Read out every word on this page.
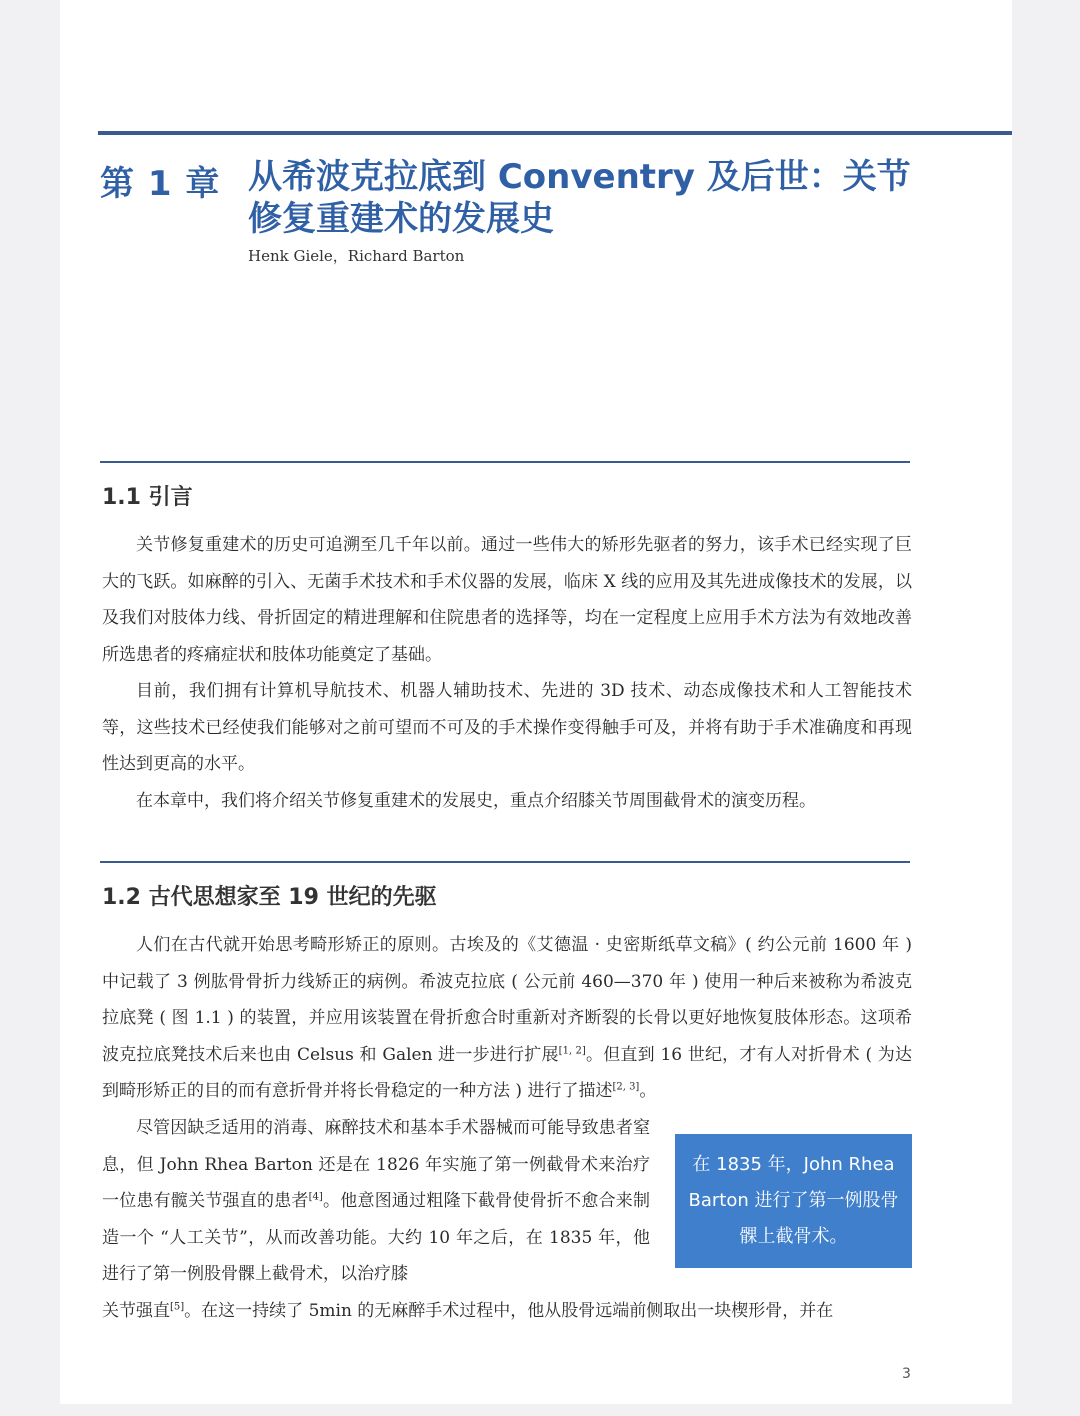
第 1 章 从希波克拉底到 Conventry 及后世：关节
修复重建术的发展史
Henk Giele，Richard Barton
1.1 引言

关节修复重建术的历史可追溯至几千年以前。通过一些伟大的矫形先驱者的努力，该手术已经实现了巨大的飞跃。如麻醉的引入、无菌手术技术和手术仪器的发展，临床 X 线的应用及其先进成像技术的发展，以及我们对肢体力线、骨折固定的精进理解和住院患者的选择等，均在一定程度上应用手术方法为有效地改善所选患者的疼痛症状和肢体功能奠定了基础。

目前，我们拥有计算机导航技术、机器人辅助技术、先进的 3D 技术、动态成像技术和人工智能技术等，这些技术已经使我们能够对之前可望而不可及的手术操作变得触手可及，并将有助于手术准确度和再现性达到更高的水平。

在本章中，我们将介绍关节修复重建术的发展史，重点介绍膝关节周围截骨术的演变历程。

1.2 古代思想家至 19 世纪的先驱

人们在古代就开始思考畸形矫正的原则。古埃及的《艾德温 · 史密斯纸草文稿》( 约公元前 1600 年 ) 中记载了 3 例肱骨骨折力线矫正的病例。希波克拉底 ( 公元前 460—370 年 ) 使用一种后来被称为希波克拉底凳 ( 图 1.1 ) 的装置，并应用该装置在骨折愈合时重新对齐断裂的长骨以更好地恢复肢体形态。这项希波克拉底凳技术后来也由 Celsus 和 Galen 进一步进行扩展[1, 2]。但直到 16 世纪，才有人对折骨术 ( 为达到畸形矫正的目的而有意折骨并将长骨稳定的一种方法 ) 进行了描述[2, 3]。

尽管因缺乏适用的消毒、麻醉技术和基本手术器械而可能导致患者窒息，但 John Rhea Barton 还是在 1826 年实施了第一例截骨术来治疗一位患有髋关节强直的患者[4]。他意图通过粗隆下截骨使骨折不愈合来制造一个 “人工关节”，从而改善功能。大约 10 年之后，在 1835 年，他进行了第一例股骨髁上截骨术，以治疗膝

关节强直[5]。在这一持续了 5min 的无麻醉手术过程中，他从股骨远端前侧取出一块楔形骨，并在

在 1835 年，John Rhea Barton 进行了第一例股骨髁上截骨术。
3
